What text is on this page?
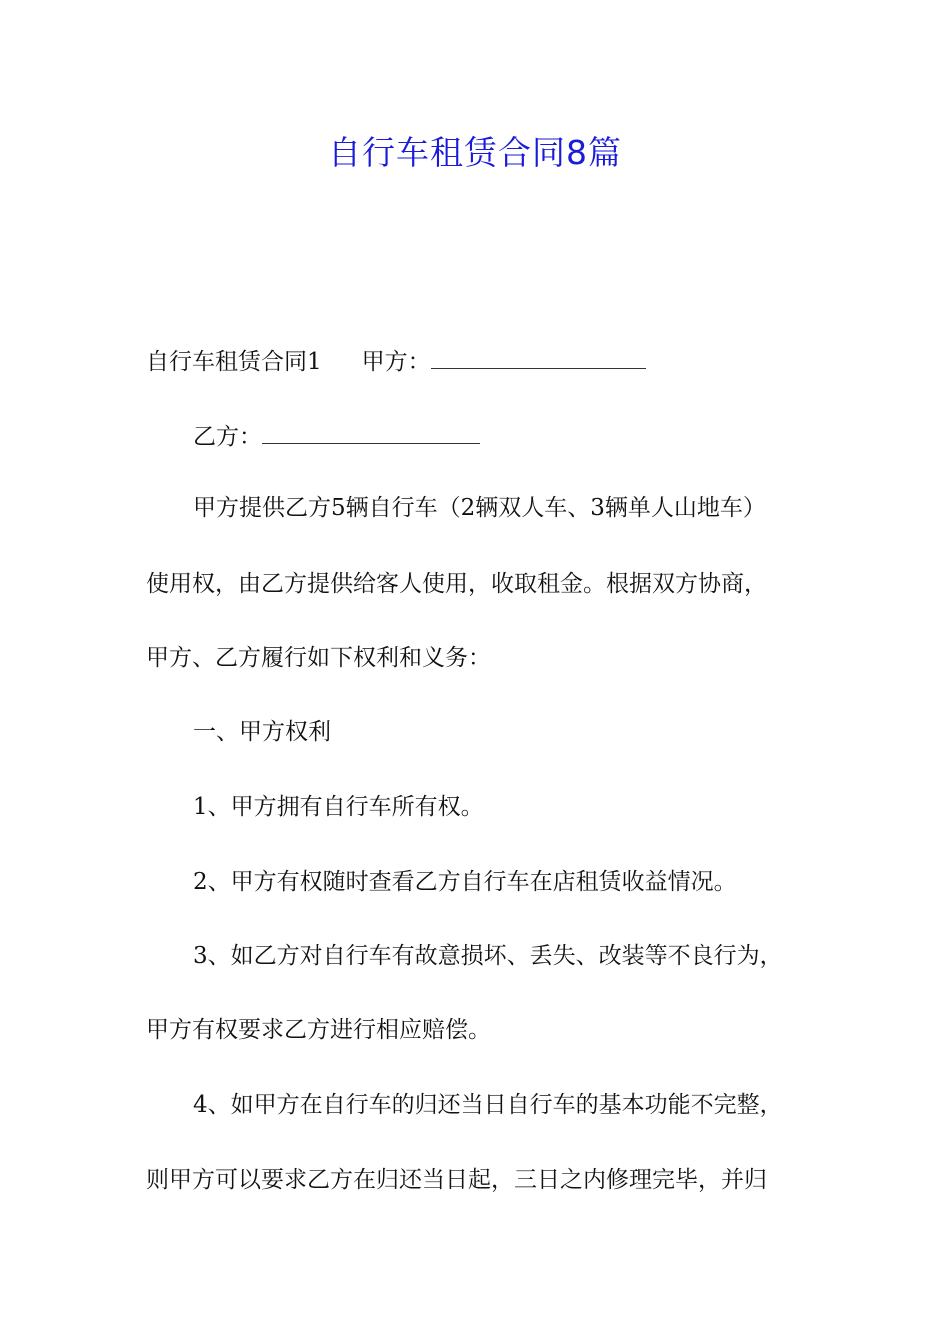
自行车租赁合同8篇
自行车租赁合同1 甲方：
乙方：
甲方提供乙方5辆自行车（2辆双人车、3辆单人山地车）
使用权，由乙方提供给客人使用，收取租金。根据双方协商，
甲方、乙方履行如下权利和义务：
一、甲方权利
1、甲方拥有自行车所有权。
2、甲方有权随时查看乙方自行车在店租赁收益情况。
3、如乙方对自行车有故意损坏、丢失、改装等不良行为，
甲方有权要求乙方进行相应赔偿。
4、如甲方在自行车的归还当日自行车的基本功能不完整，
则甲方可以要求乙方在归还当日起，三日之内修理完毕，并归
